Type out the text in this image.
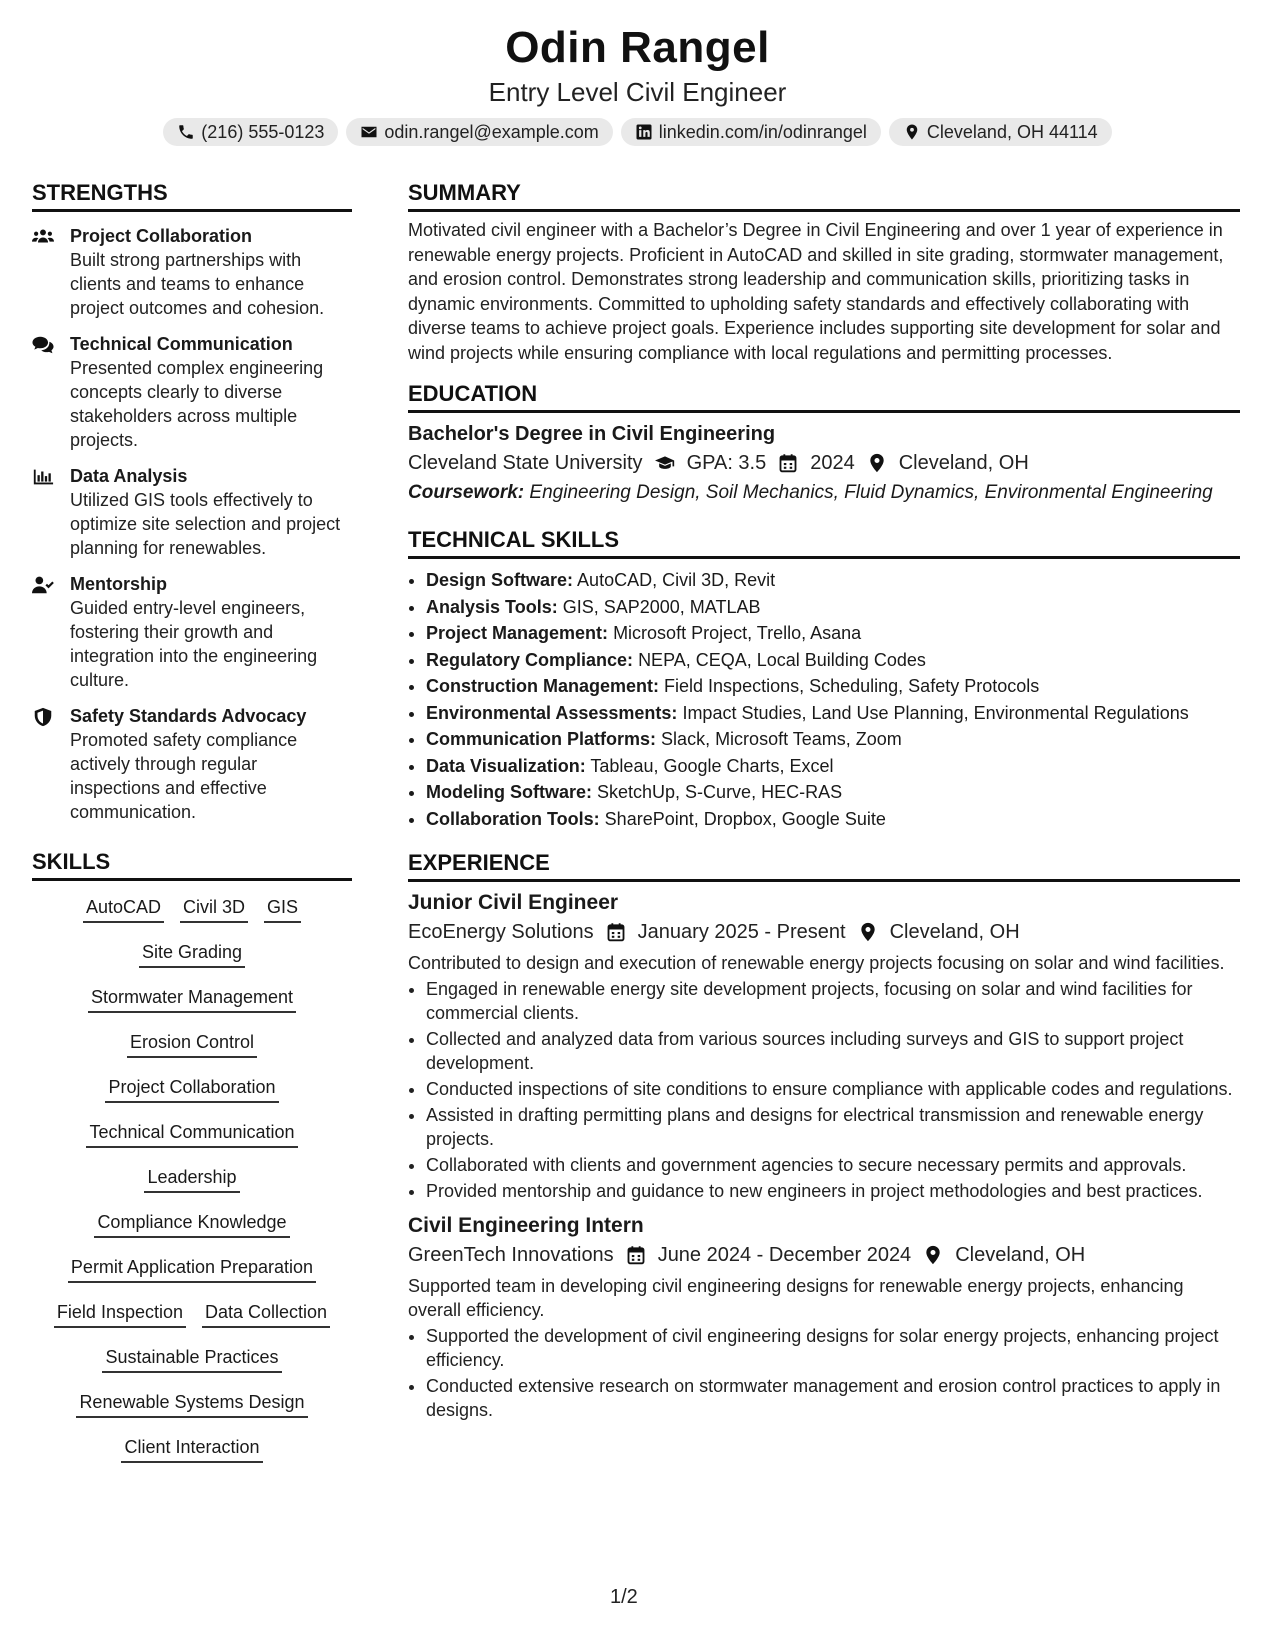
Odin Rangel
Entry Level Civil Engineer
(216) 555-0123	odin.rangel@example.com	linkedin.com/in/odinrangel	Cleveland, OH 44114
STRENGTHS
Project Collaboration
Built strong partnerships with clients and teams to enhance project outcomes and cohesion.
Technical Communication
Presented complex engineering concepts clearly to diverse stakeholders across multiple projects.
Data Analysis
Utilized GIS tools effectively to optimize site selection and project planning for renewables.
Mentorship
Guided entry-level engineers, fostering their growth and integration into the engineering culture.
Safety Standards Advocacy
Promoted safety compliance actively through regular inspections and effective communication.
SKILLS
AutoCAD Civil 3D GIS
Site Grading
Stormwater Management
Erosion Control
Project Collaboration
Technical Communication
Leadership
Compliance Knowledge
Permit Application Preparation
Field Inspection Data Collection
Sustainable Practices
Renewable Systems Design
Client Interaction
SUMMARY
Motivated civil engineer with a Bachelor’s Degree in Civil Engineering and over 1 year of experience in renewable energy projects. Proficient in AutoCAD and skilled in site grading, stormwater management, and erosion control. Demonstrates strong leadership and communication skills, prioritizing tasks in dynamic environments. Committed to upholding safety standards and effectively collaborating with diverse teams to achieve project goals. Experience includes supporting site development for solar and wind projects while ensuring compliance with local regulations and permitting processes.
EDUCATION
Bachelor's Degree in Civil Engineering
Cleveland State University GPA: 3.5 2024 Cleveland, OH
Coursework: Engineering Design, Soil Mechanics, Fluid Dynamics, Environmental Engineering
TECHNICAL SKILLS
• Design Software: AutoCAD, Civil 3D, Revit
• Analysis Tools: GIS, SAP2000, MATLAB
• Project Management: Microsoft Project, Trello, Asana
• Regulatory Compliance: NEPA, CEQA, Local Building Codes
• Construction Management: Field Inspections, Scheduling, Safety Protocols
• Environmental Assessments: Impact Studies, Land Use Planning, Environmental Regulations
• Communication Platforms: Slack, Microsoft Teams, Zoom
• Data Visualization: Tableau, Google Charts, Excel
• Modeling Software: SketchUp, S-Curve, HEC-RAS
• Collaboration Tools: SharePoint, Dropbox, Google Suite
EXPERIENCE
Junior Civil Engineer
EcoEnergy Solutions January 2025 - Present Cleveland, OH
Contributed to design and execution of renewable energy projects focusing on solar and wind facilities.
• Engaged in renewable energy site development projects, focusing on solar and wind facilities for commercial clients.
• Collected and analyzed data from various sources including surveys and GIS to support project development.
• Conducted inspections of site conditions to ensure compliance with applicable codes and regulations.
• Assisted in drafting permitting plans and designs for electrical transmission and renewable energy projects.
• Collaborated with clients and government agencies to secure necessary permits and approvals.
• Provided mentorship and guidance to new engineers in project methodologies and best practices.
Civil Engineering Intern
GreenTech Innovations June 2024 - December 2024 Cleveland, OH
Supported team in developing civil engineering designs for renewable energy projects, enhancing overall efficiency.
• Supported the development of civil engineering designs for solar energy projects, enhancing project efficiency.
• Conducted extensive research on stormwater management and erosion control practices to apply in designs.
1/2
